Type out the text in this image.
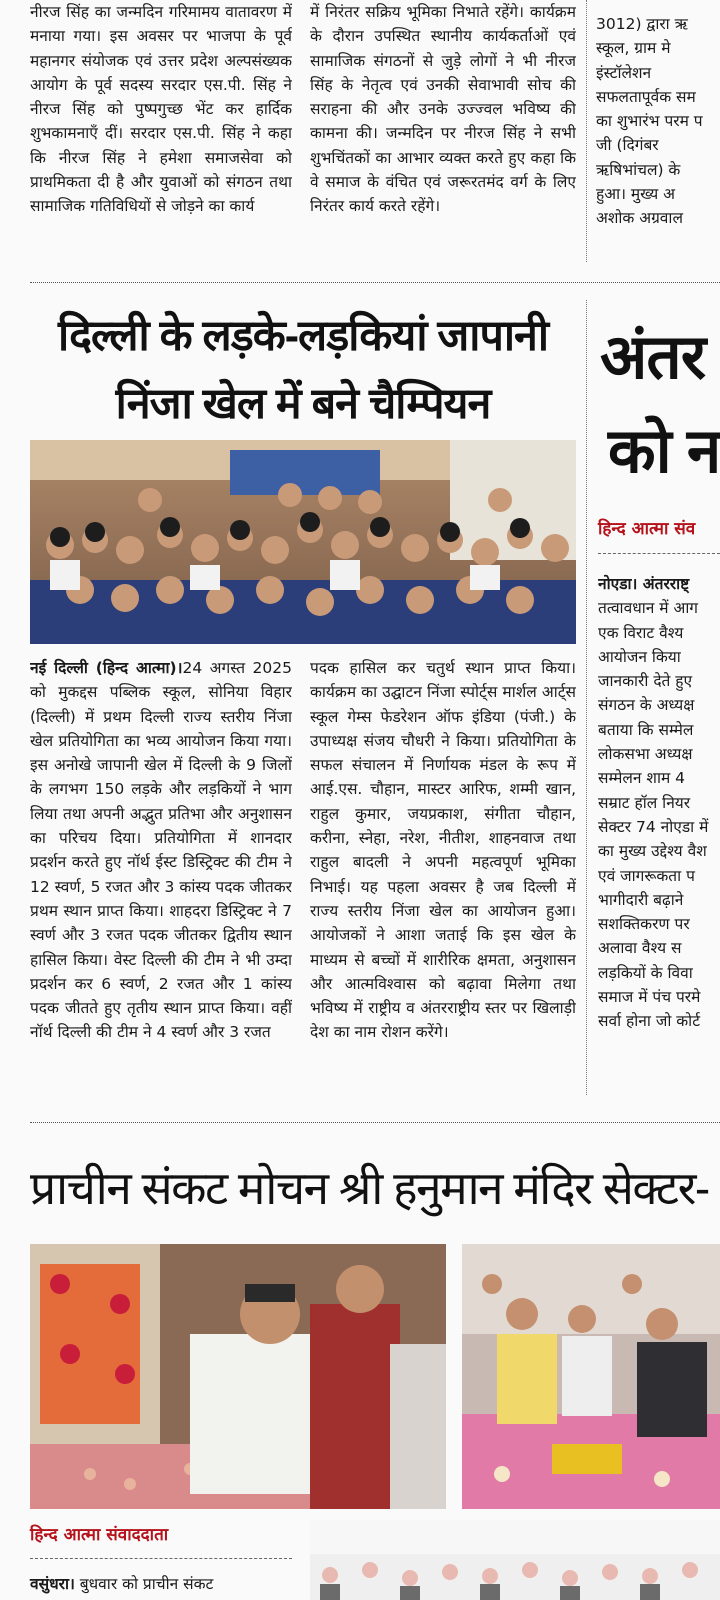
नीरज सिंह का जन्मदिन गरिमामय वातावरण में मनाया गया। इस अवसर पर भाजपा के पूर्व महानगर संयोजक एवं उत्तर प्रदेश अल्पसंख्यक आयोग के पूर्व सदस्य सरदार एस.पी. सिंह ने नीरज सिंह को पुष्पगुच्छ भेंट कर हार्दिक शुभकामनाएँ दीं। सरदार एस.पी. सिंह ने कहा कि नीरज सिंह ने हमेशा समाजसेवा को प्राथमिकता दी है और युवाओं को संगठन तथा सामाजिक गतिविधियों से जोड़ने का कार्य

में निरंतर सक्रिय भूमिका निभाते रहेंगे। कार्यक्रम के दौरान उपस्थित स्थानीय कार्यकर्ताओं एवं सामाजिक संगठनों से जुड़े लोगों ने भी नीरज सिंह के नेतृत्व एवं उनकी सेवाभावी सोच की सराहना की और उनके उज्ज्वल भविष्य की कामना की। जन्मदिन पर नीरज सिंह ने सभी शुभचिंतकों का आभार व्यक्त करते हुए कहा कि वे समाज के वंचित एवं जरूरतमंद वर्ग के लिए निरंतर कार्य करते रहेंगे।

3012) द्वारा ऋ
स्कूल, ग्राम मे
इंस्टॉलेशन
सफलतापूर्वक सम
का शुभारंभ परम प
जी (दिगंबर
ऋषिभांचल) के
हुआ। मुख्य अ
अशोक अग्रवाल
दिल्ली के लड़के-लड़कियां जापानी
निंजा खेल में बने चैम्पियन

नई दिल्ली (हिन्द आत्मा)।24 अगस्त 2025 को मुकद्दस पब्लिक स्कूल, सोनिया विहार (दिल्ली) में प्रथम दिल्ली राज्य स्तरीय निंजा खेल प्रतियोगिता का भव्य आयोजन किया गया। इस अनोखे जापानी खेल में दिल्ली के 9 जिलों के लगभग 150 लड़के और लड़कियों ने भाग लिया तथा अपनी अद्भुत प्रतिभा और अनुशासन का परिचय दिया। प्रतियोगिता में शानदार प्रदर्शन करते हुए नॉर्थ ईस्ट डिस्ट्रिक्ट की टीम ने 12 स्वर्ण, 5 रजत और 3 कांस्य पदक जीतकर प्रथम स्थान प्राप्त किया। शाहदरा डिस्ट्रिक्ट ने 7 स्वर्ण और 3 रजत पदक जीतकर द्वितीय स्थान हासिल किया। वेस्ट दिल्ली की टीम ने भी उम्दा प्रदर्शन कर 6 स्वर्ण, 2 रजत और 1 कांस्य पदक जीतते हुए तृतीय स्थान प्राप्त किया। वहीं नॉर्थ दिल्ली की टीम ने 4 स्वर्ण और 3 रजत

पदक हासिल कर चतुर्थ स्थान प्राप्त किया। कार्यक्रम का उद्घाटन निंजा स्पोर्ट्स मार्शल आर्ट्स स्कूल गेम्स फेडरेशन ऑफ इंडिया (पंजी.) के उपाध्यक्ष संजय चौधरी ने किया। प्रतियोगिता के सफल संचालन में निर्णायक मंडल के रूप में आई.एस. चौहान, मास्टर आरिफ, शम्मी खान, राहुल कुमार, जयप्रकाश, संगीता चौहान, करीना, स्नेहा, नरेश, नीतीश, शाहनवाज तथा राहुल बादली ने अपनी महत्वपूर्ण भूमिका निभाई। यह पहला अवसर है जब दिल्ली में राज्य स्तरीय निंजा खेल का आयोजन हुआ। आयोजकों ने आशा जताई कि इस खेल के माध्यम से बच्चों में शारीरिक क्षमता, अनुशासन और आत्मविश्वास को बढ़ावा मिलेगा तथा भविष्य में राष्ट्रीय व अंतरराष्ट्रीय स्तर पर खिलाड़ी देश का नाम रोशन करेंगे।

अंतर
को न
हिन्द आत्मा संव
नोएडा। अंतरराष्ट्
तत्वावधान में आग
एक विराट वैश्य
आयोजन किया
जानकारी देते हुए
संगठन के अध्यक्ष
बताया कि सम्मेल
लोकसभा अध्यक्ष
सम्मेलन शाम 4
सम्राट हॉल नियर
सेक्टर 74 नोएडा में
का मुख्य उद्देश्य वैश
एवं जागरूकता प
भागीदारी बढ़ाने
सशक्तिकरण पर
अलावा वैश्य स
लड़कियों के विवा
समाज में पंच परमे
सर्वा होना जो कोर्ट
प्राचीन संकट मोचन श्री हनुमान मंदिर सेक्टर-
हिन्द आत्मा संवाददाता
वसुंधरा। बुधवार को प्राचीन संकट
